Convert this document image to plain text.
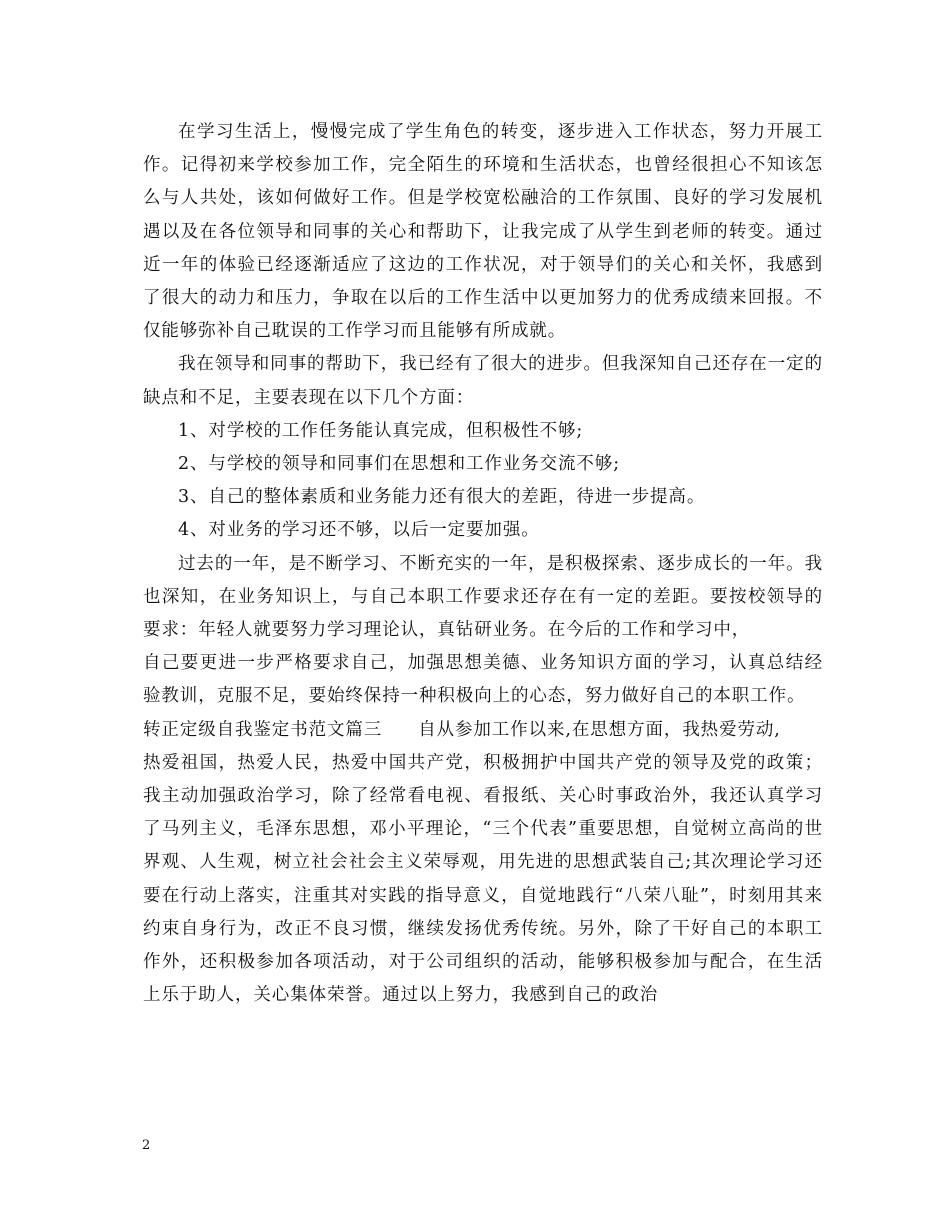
在学习生活上，慢慢完成了学生角色的转变，逐步进入工作状态，努力开展工作。记得初来学校参加工作，完全陌生的环境和生活状态，也曾经很担心不知该怎么与人共处，该如何做好工作。但是学校宽松融洽的工作氛围、良好的学习发展机遇以及在各位领导和同事的关心和帮助下，让我完成了从学生到老师的转变。通过近一年的体验已经逐渐适应了这边的工作状况，对于领导们的关心和关怀，我感到了很大的动力和压力，争取在以后的工作生活中以更加努力的优秀成绩来回报。不仅能够弥补自己耽误的工作学习而且能够有所成就。

我在领导和同事的帮助下，我已经有了很大的进步。但我深知自己还存在一定的缺点和不足，主要表现在以下几个方面：

1、对学校的工作任务能认真完成，但积极性不够;

2、与学校的领导和同事们在思想和工作业务交流不够;

3、自己的整体素质和业务能力还有很大的差距，待进一步提高。

4、对业务的学习还不够，以后一定要加强。

过去的一年，是不断学习、不断充实的一年，是积极探索、逐步成长的一年。我也深知，在业务知识上，与自己本职工作要求还存在有一定的差距。要按校领导的要求：年轻人就要努力学习理论认，真钻研业务。在今后的工作和学习中，

自己要更进一步严格要求自己，加强思想美德、业务知识方面的学习，认真总结经验教训，克服不足，要始终保持一种积极向上的心态，努力做好自己的本职工作。

转正定级自我鉴定书范文篇三 自从参加工作以来,在思想方面，我热爱劳动,

热爱祖国，热爱人民，热爱中国共产党，积极拥护中国共产党的领导及党的政策；我主动加强政治学习，除了经常看电视、看报纸、关心时事政治外，我还认真学习了马列主义，毛泽东思想，邓小平理论，“三个代表”重要思想，自觉树立高尚的世界观、人生观，树立社会社会主义荣辱观，用先进的思想武装自己;其次理论学习还要在行动上落实，注重其对实践的指导意义，自觉地践行“八荣八耻”，时刻用其来约束自身行为，改正不良习惯，继续发扬优秀传统。另外，除了干好自己的本职工作外，还积极参加各项活动，对于公司组织的活动，能够积极参加与配合，在生活上乐于助人，关心集体荣誉。通过以上努力，我感到自己的政治

2
